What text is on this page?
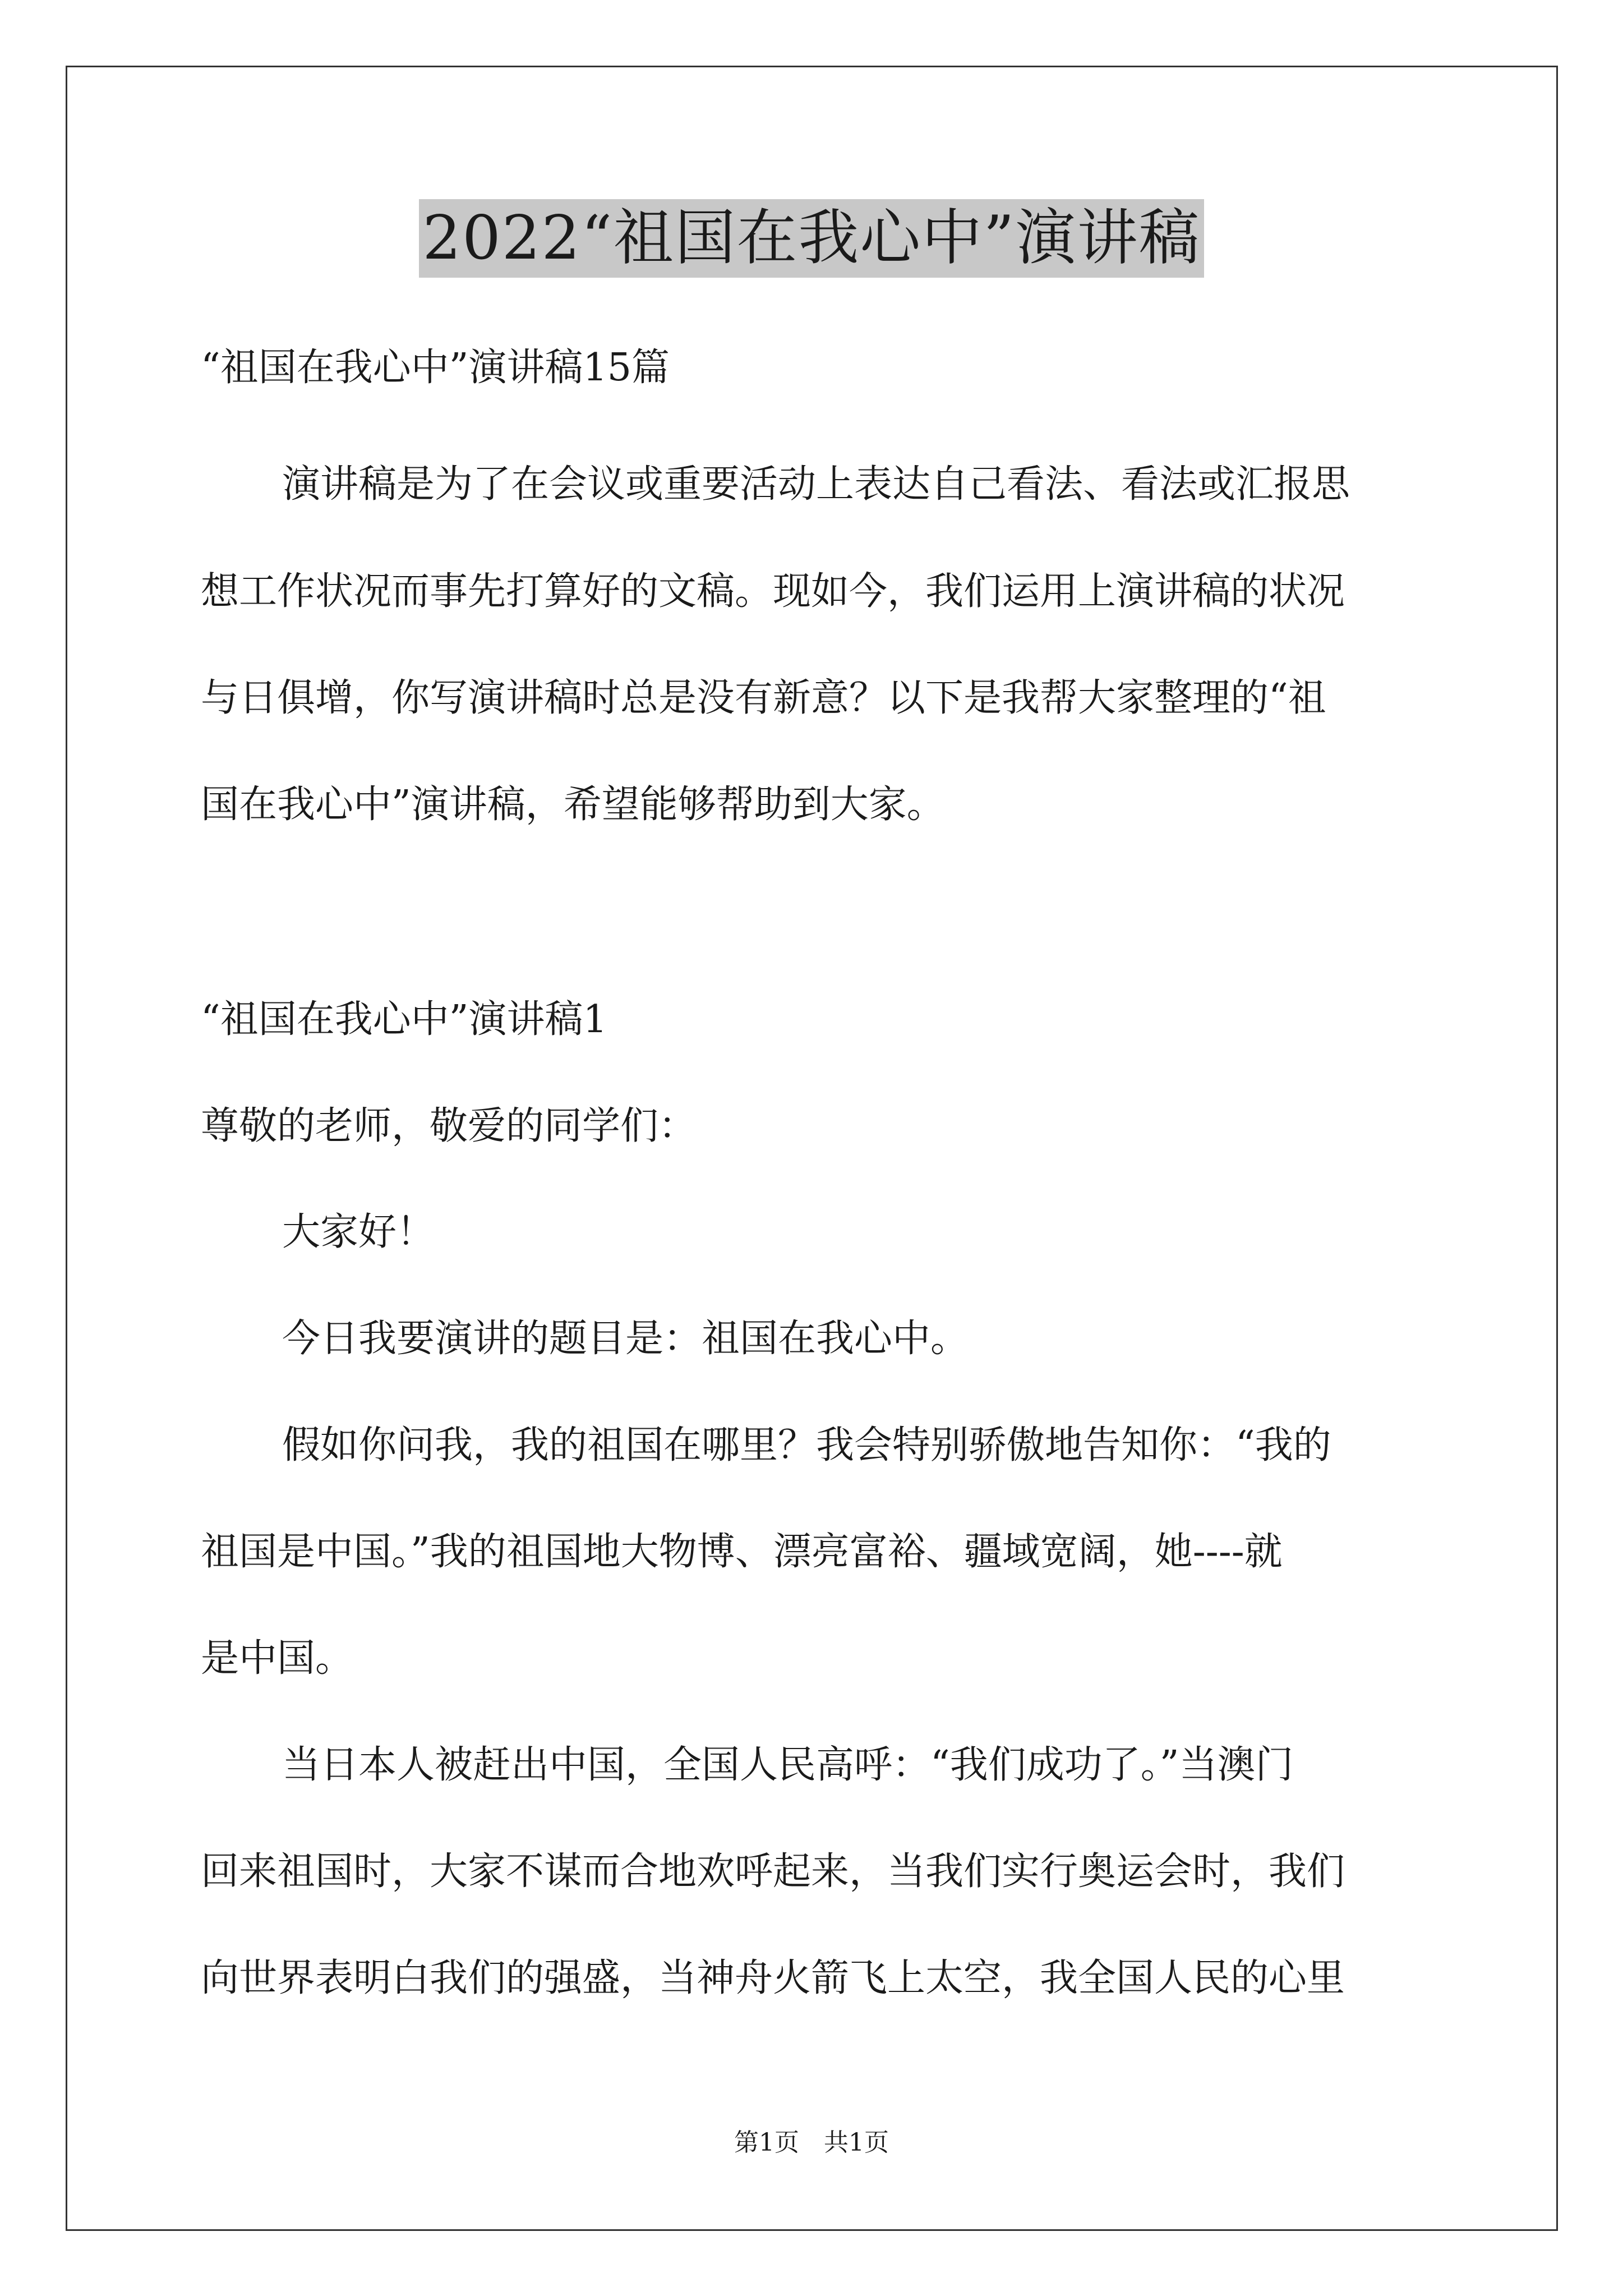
2022“祖国在我心中”演讲稿

“祖国在我心中”演讲稿15篇

演讲稿是为了在会议或重要活动上表达自己看法、看法或汇报思

想工作状况而事先打算好的文稿。现如今，我们运用上演讲稿的状况

与日俱增，你写演讲稿时总是没有新意？以下是我帮大家整理的“祖

国在我心中”演讲稿，希望能够帮助到大家。

“祖国在我心中”演讲稿1

尊敬的老师，敬爱的同学们：

大家好！

今日我要演讲的题目是：祖国在我心中。

假如你问我，我的祖国在哪里？我会特别骄傲地告知你：“我的

祖国是中国。”我的祖国地大物博、漂亮富裕、疆域宽阔，她----就

是中国。

当日本人被赶出中国，全国人民高呼：“我们成功了。”当澳门

回来祖国时，大家不谋而合地欢呼起来，当我们实行奥运会时，我们

向世界表明白我们的强盛，当神舟火箭飞上太空，我全国人民的心里

第1页　共1页
